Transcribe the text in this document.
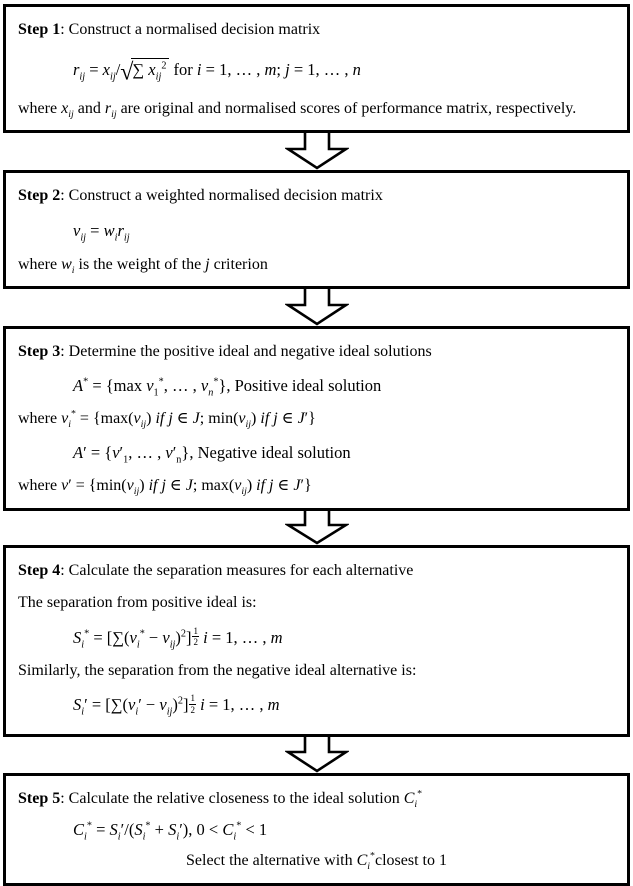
Step 1: Construct a normalised decision matrix
$r_{ij} = x_{ij}/√\sum$ $x_{ij}^2$ for i = 1, … , m; j = 1, … , n
where $x_{ij}$ and $r_{ij}$ are original and normalised scores of performance matrix, respectively.
Step 2: Construct a weighted normalised decision matrix
$v_{ij} = w_ir_{ij}$
where $w_i$ is the weight of the j criterion
Step 3: Determine the positive ideal and negative ideal solutions
A* = {max $v_1^*$, … , $v_n^*$}, Positive ideal solution
where $v_i^* = \{\max(v_{ij})$ if j ∈ J; $\min(v_{ij})$ if j ∈ J′}
$A' = \{v'_1$, … , $v'_n$}, Negative ideal solution
where $v' = \{\min(v_{ij})$ if j ∈ J; $\max(v_{ij})$ if j ∈ J′}
Step 4: Calculate the separation measures for each alternative
The separation from positive ideal is:
$S_i^* = [\sum(v_i^* - v_{ij})^2] \frac{1}{2}$ i = 1, … , m
Similarly, the separation from the negative ideal alternative is:
$S_i' = [\sum(v_i' - v_{ij})^2] \frac{1}{2}$ i = 1, … , m
Step 5: Calculate the relative closeness to the ideal solution $C_i^*$
$C_i^* = S_i'/(S_i^* + S_i')$, $0 < C_i^* < 1$
Select the alternative with $C_i^*closest$ to 1
